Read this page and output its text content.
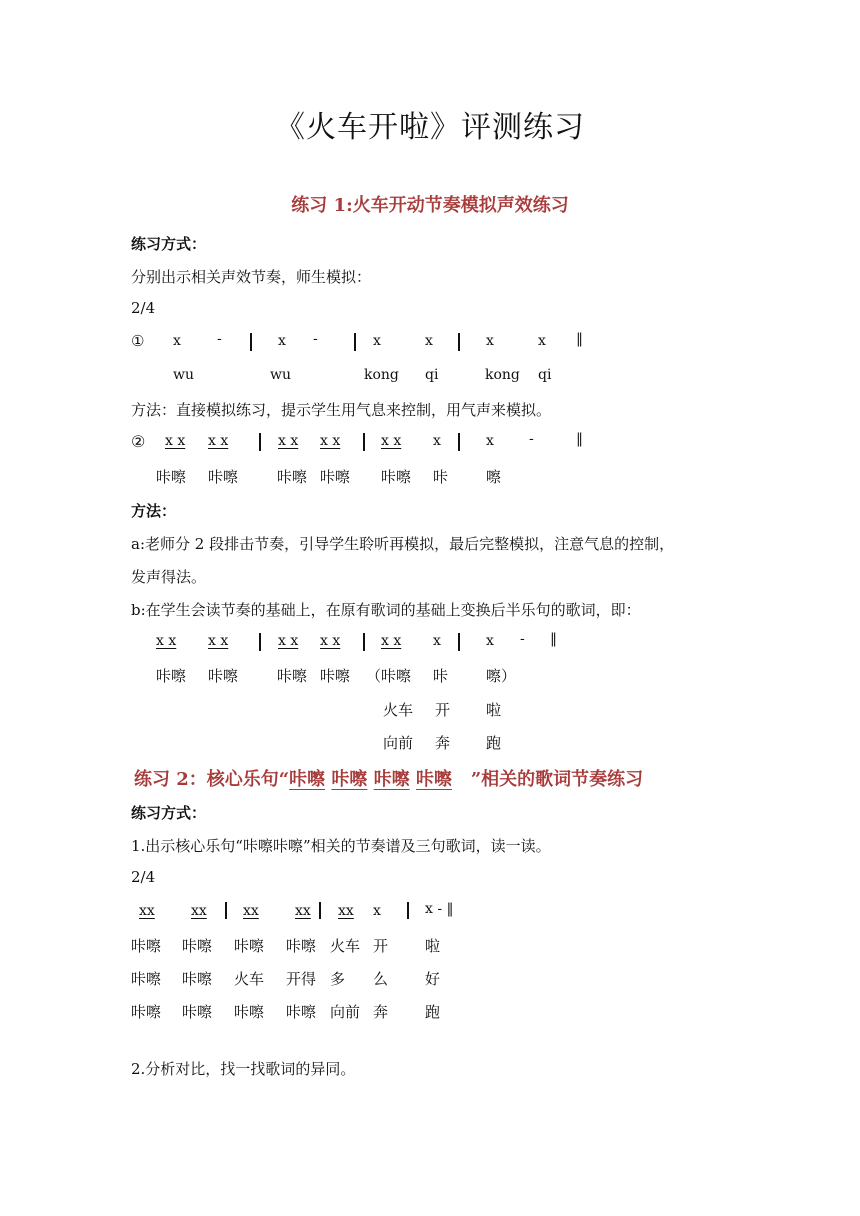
《火车开啦》评测练习
练习 1:火车开动节奏模拟声效练习
练习方式：
分别出示相关声效节奏，师生模拟：
2/4
① x	-	x -	x	x	x	x ‖
wu	wu	kong qi	kong qi
方法：直接模拟练习，提示学生用气息来控制，用气声来模拟。
② x x x x	x x x x	x x x	x	-	‖
咔嚓 咔嚓	咔嚓 咔嚓 咔嚓 咔	嚓
方法：
a:老师分 2 段排击节奏，引导学生聆听再模拟，最后完整模拟，注意气息的控制，
发声得法。
b:在学生会读节奏的基础上，在原有歌词的基础上变换后半乐句的歌词，即：
x x x x	x x x x	x x x	x - ‖
咔嚓 咔嚓	咔嚓 咔嚓 （咔嚓 咔	嚓）
火车 开 啦
向前 奔 跑
练习 2：核心乐句“咔嚓 咔嚓 咔嚓 咔嚓 ”相关的歌词节奏练习
练习方式：
1.出示核心乐句“咔嚓咔嚓”相关的节奏谱及三句歌词，读一读。
2/4
xx	xx	xx	xx xx x	x - ‖
咔嚓 咔嚓 咔嚓 咔嚓 火车 开 啦
咔嚓 咔嚓 火车 开得 多 么 好
咔嚓 咔嚓 咔嚓 咔嚓 向前 奔 跑
2.分析对比，找一找歌词的异同。
